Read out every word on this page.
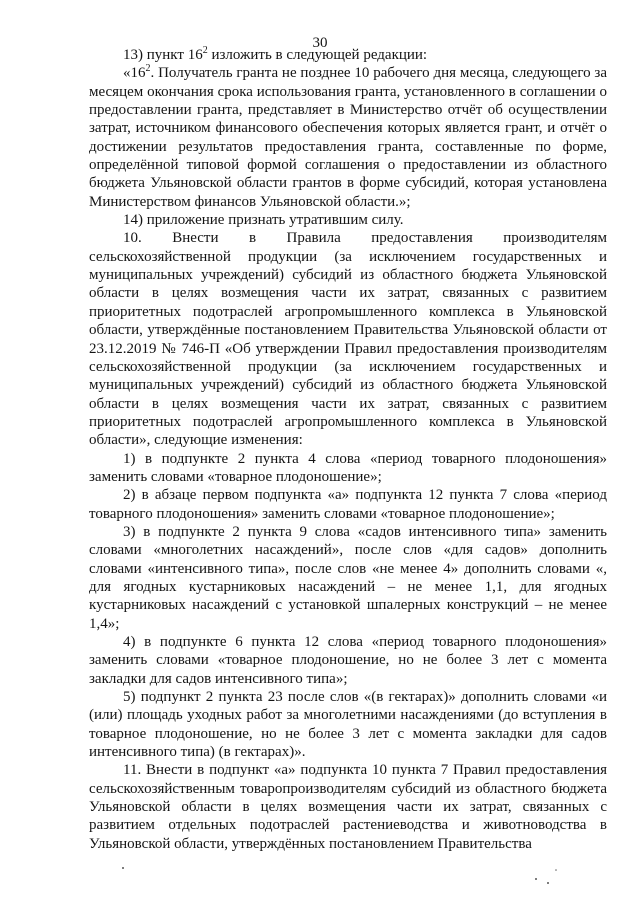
30
13) пункт $16^2$ изложить в следующей редакции:
«$16^2$. Получатель гранта не позднее 10 рабочего дня месяца, следующего за месяцем окончания срока использования гранта, установленного в соглашении о предоставлении гранта, представляет в Министерство отчёт об осуществлении затрат, источником финансового обеспечения которых является грант, и отчёт о достижении результатов предоставления гранта, составленные по форме, определённой типовой формой соглашения о предоставлении из областного бюджета Ульяновской области грантов в форме субсидий, которая установлена Министерством финансов Ульяновской области.»;
14) приложение признать утратившим силу.
10. Внести в Правила предоставления производителям сельскохозяйственной продукции (за исключением государственных и муниципальных учреждений) субсидий из областного бюджета Ульяновской области в целях возмещения части их затрат, связанных с развитием приоритетных подотраслей агропромышленного комплекса в Ульяновской области, утверждённые постановлением Правительства Ульяновской области от 23.12.2019 № 746-П «Об утверждении Правил предоставления производителям сельскохозяйственной продукции (за исключением государственных и муниципальных учреждений) субсидий из областного бюджета Ульяновской области в целях возмещения части их затрат, связанных с развитием приоритетных подотраслей агропромышленного комплекса в Ульяновской области», следующие изменения:
1) в подпункте 2 пункта 4 слова «период товарного плодоношения» заменить словами «товарное плодоношение»;
2) в абзаце первом подпункта «а» подпункта 12 пункта 7 слова «период товарного плодоношения» заменить словами «товарное плодоношение»;
3) в подпункте 2 пункта 9 слова «садов интенсивного типа» заменить словами «многолетних насаждений», после слов «для садов» дополнить словами «интенсивного типа», после слов «не менее 4» дополнить словами «, для ягодных кустарниковых насаждений – не менее 1,1, для ягодных кустарниковых насаждений с установкой шпалерных конструкций – не менее 1,4»;
4) в подпункте 6 пункта 12 слова «период товарного плодоношения» заменить словами «товарное плодоношение, но не более 3 лет с момента закладки для садов интенсивного типа»;
5) подпункт 2 пункта 23 после слов «(в гектарах)» дополнить словами «и (или) площадь уходных работ за многолетними насаждениями (до вступления в товарное плодоношение, но не более 3 лет с момента закладки для садов интенсивного типа) (в гектарах)».
11. Внести в подпункт «а» подпункта 10 пункта 7 Правил предоставления сельскохозяйственным товаропроизводителям субсидий из областного бюджета Ульяновской области в целях возмещения части их затрат, связанных с развитием отдельных подотраслей растениеводства и животноводства в Ульяновской области, утверждённых постановлением Правительства
